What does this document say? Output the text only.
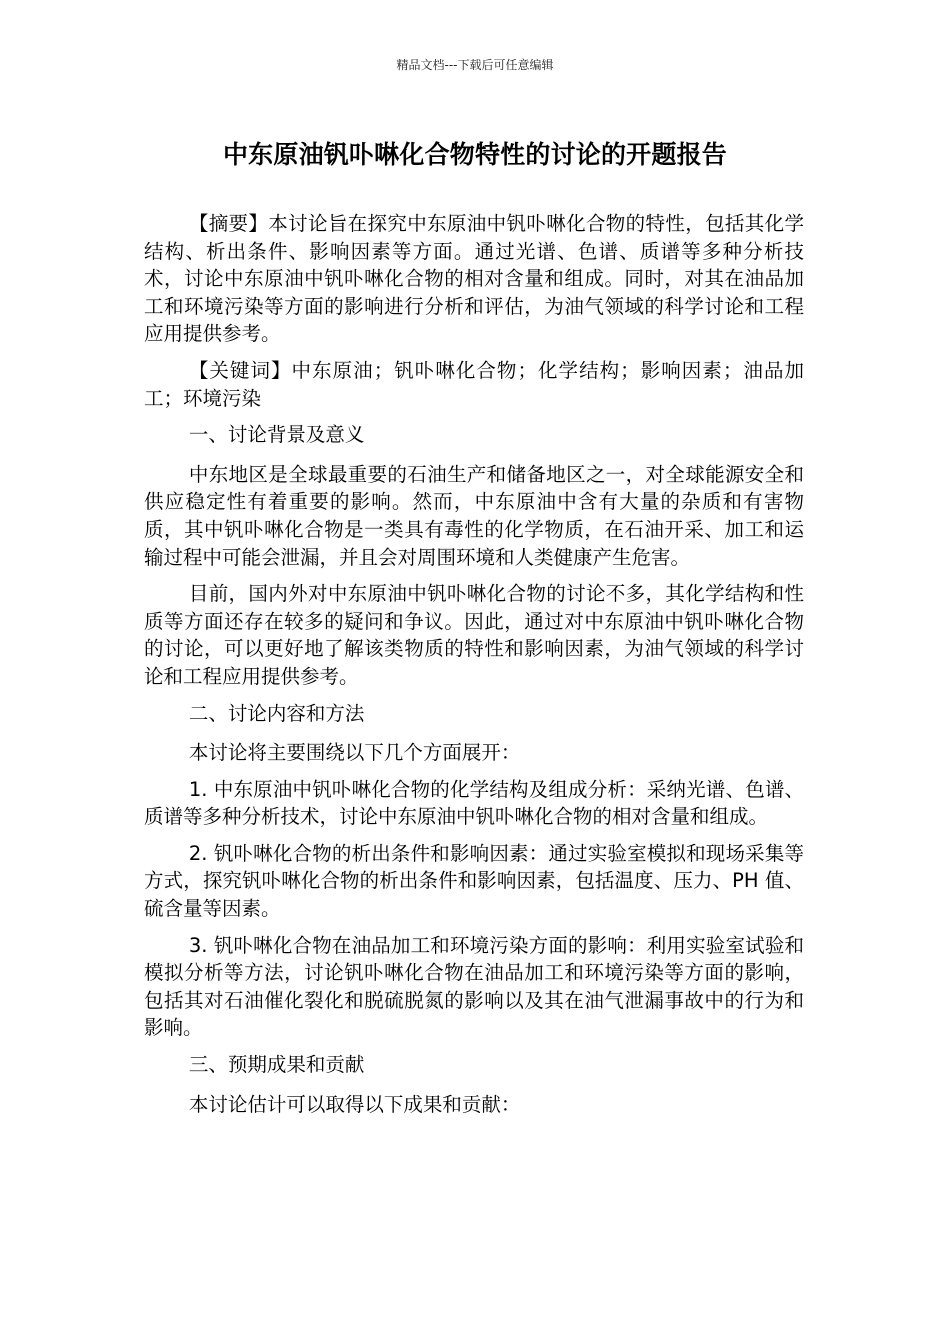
精品文档---下载后可任意编辑
中东原油钒卟啉化合物特性的讨论的开题报告

【摘要】本讨论旨在探究中东原油中钒卟啉化合物的特性，包括其化学结构、析出条件、影响因素等方面。通过光谱、色谱、质谱等多种分析技术，讨论中东原油中钒卟啉化合物的相对含量和组成。同时，对其在油品加工和环境污染等方面的影响进行分析和评估，为油气领域的科学讨论和工程应用提供参考。

【关键词】中东原油；钒卟啉化合物；化学结构；影响因素；油品加工；环境污染

一、讨论背景及意义

中东地区是全球最重要的石油生产和储备地区之一，对全球能源安全和供应稳定性有着重要的影响。然而，中东原油中含有大量的杂质和有害物质，其中钒卟啉化合物是一类具有毒性的化学物质，在石油开采、加工和运输过程中可能会泄漏，并且会对周围环境和人类健康产生危害。

目前，国内外对中东原油中钒卟啉化合物的讨论不多，其化学结构和性质等方面还存在较多的疑问和争议。因此，通过对中东原油中钒卟啉化合物的讨论，可以更好地了解该类物质的特性和影响因素，为油气领域的科学讨论和工程应用提供参考。

二、讨论内容和方法

本讨论将主要围绕以下几个方面展开：

1. 中东原油中钒卟啉化合物的化学结构及组成分析：采纳光谱、色谱、质谱等多种分析技术，讨论中东原油中钒卟啉化合物的相对含量和组成。

2. 钒卟啉化合物的析出条件和影响因素：通过实验室模拟和现场采集等方式，探究钒卟啉化合物的析出条件和影响因素，包括温度、压力、PH 值、硫含量等因素。

3. 钒卟啉化合物在油品加工和环境污染方面的影响：利用实验室试验和模拟分析等方法，讨论钒卟啉化合物在油品加工和环境污染等方面的影响，包括其对石油催化裂化和脱硫脱氮的影响以及其在油气泄漏事故中的行为和影响。

三、预期成果和贡献

本讨论估计可以取得以下成果和贡献：
